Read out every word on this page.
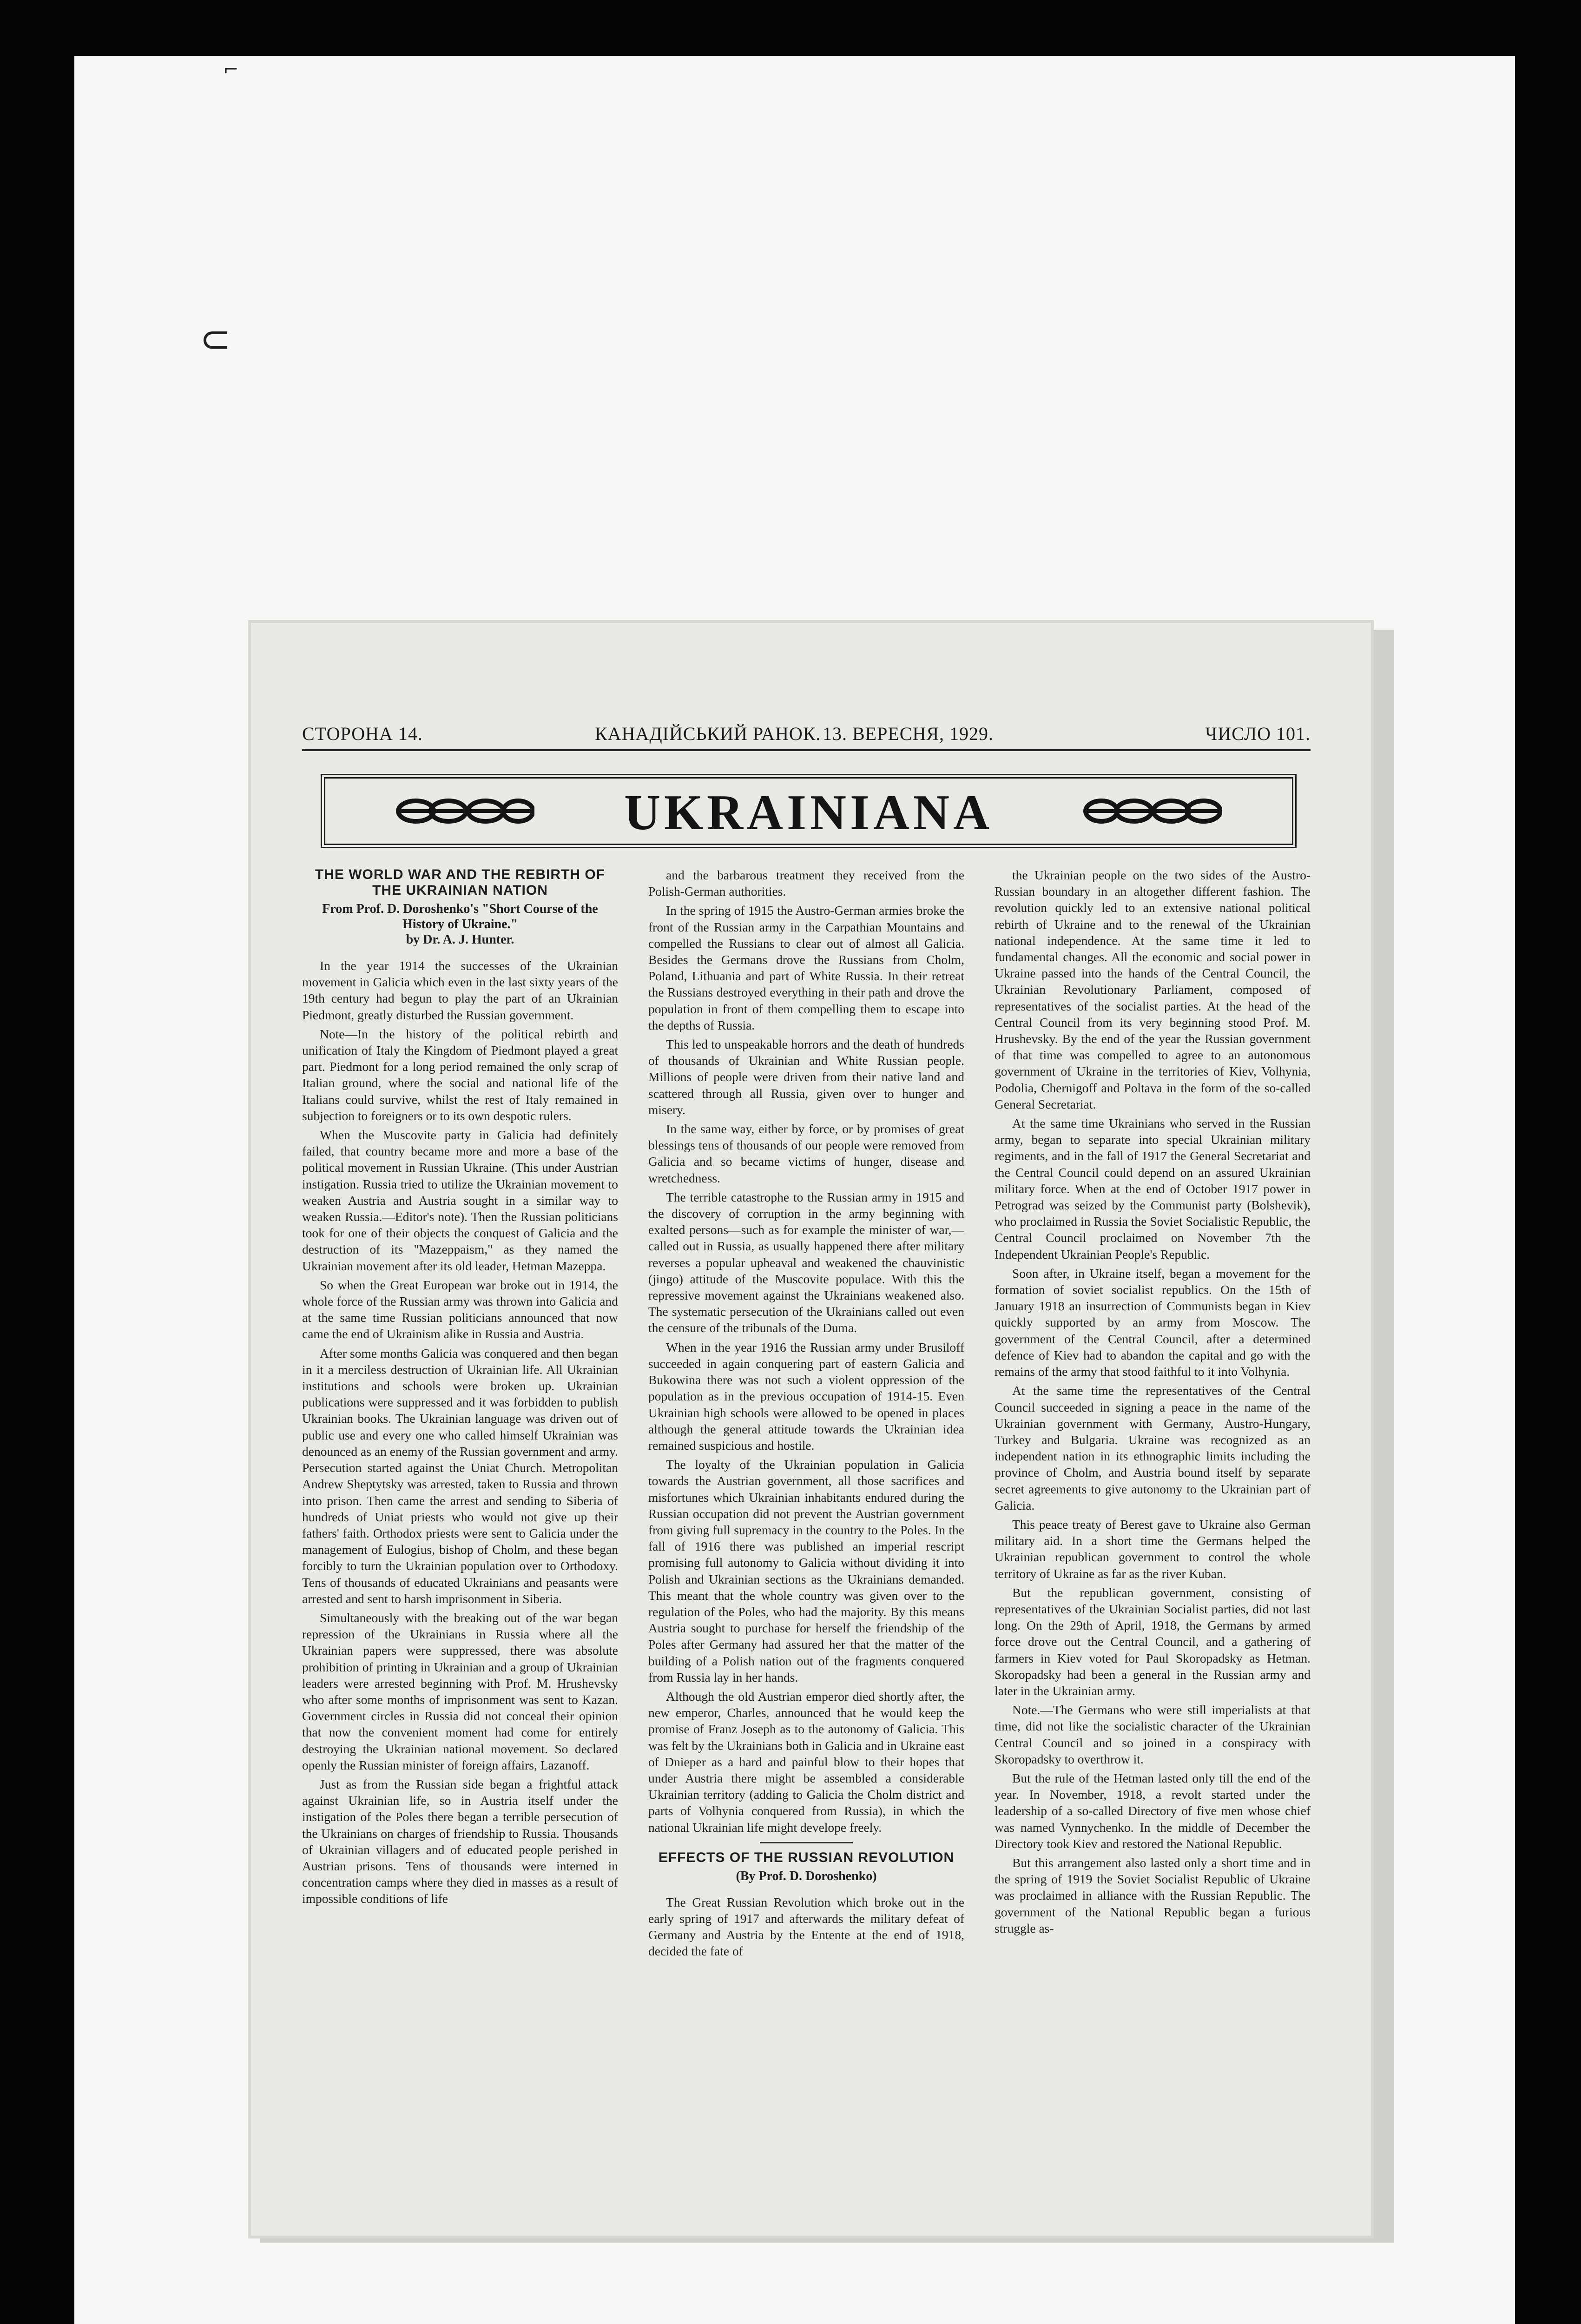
⌐
⊂
СТОРОНА 14.	КАНАДІЙСЬКИЙ РАНОК. 13. ВЕРЕСНЯ, 1929.	ЧИСЛО 101.
UKRAINIANA
THE WORLD WAR AND THE REBIRTH OF THE UKRAINIAN NATION

From Prof. D. Doroshenko's "Short Course of the History of Ukraine."

by Dr. A. J. Hunter.

In the year 1914 the successes of the Ukrainian movement in Galicia which even in the last sixty years of the 19th century had begun to play the part of an Ukrainian Piedmont, greatly disturbed the Russian government.

Note—In the history of the political rebirth and unification of Italy the Kingdom of Piedmont played a great part. Piedmont for a long period remained the only scrap of Italian ground, where the social and national life of the Italians could survive, whilst the rest of Italy remained in subjection to foreigners or to its own despotic rulers.

When the Muscovite party in Galicia had definitely failed, that country became more and more a base of the political movement in Russian Ukraine. (This under Austrian instigation. Russia tried to utilize the Ukrainian movement to weaken Austria and Austria sought in a similar way to weaken Russia.—Editor's note). Then the Russian politicians took for one of their objects the conquest of Galicia and the destruction of its "Mazeppaism," as they named the Ukrainian movement after its old leader, Hetman Mazeppa.

So when the Great European war broke out in 1914, the whole force of the Russian army was thrown into Galicia and at the same time Russian politicians announced that now came the end of Ukrainism alike in Russia and Austria.

After some months Galicia was conquered and then began in it a merciless destruction of Ukrainian life. All Ukrainian institutions and schools were broken up. Ukrainian publications were suppressed and it was forbidden to publish Ukrainian books. The Ukrainian language was driven out of public use and every one who called himself Ukrainian was denounced as an enemy of the Russian government and army. Persecution started against the Uniat Church. Metropolitan Andrew Sheptytsky was arrested, taken to Russia and thrown into prison. Then came the arrest and sending to Siberia of hundreds of Uniat priests who would not give up their fathers' faith. Orthodox priests were sent to Galicia under the management of Eulogius, bishop of Cholm, and these began forcibly to turn the Ukrainian population over to Orthodoxy. Tens of thousands of educated Ukrainians and peasants were arrested and sent to harsh imprisonment in Siberia.

Simultaneously with the breaking out of the war began repression of the Ukrainians in Russia where all the Ukrainian papers were suppressed, there was absolute prohibition of printing in Ukrainian and a group of Ukrainian leaders were arrested beginning with Prof. M. Hrushevsky who after some months of imprisonment was sent to Kazan. Government circles in Russia did not conceal their opinion that now the convenient moment had come for entirely destroying the Ukrainian national movement. So declared openly the Russian minister of foreign affairs, Lazanoff.

Just as from the Russian side began a frightful attack against Ukrainian life, so in Austria itself under the instigation of the Poles there began a terrible persecution of the Ukrainians on charges of friendship to Russia. Thousands of Ukrainian villagers and of educated people perished in Austrian prisons. Tens of thousands were interned in concentration camps where they died in masses as a result of impossible conditions of life

and the barbarous treatment they received from the Polish-German authorities.

In the spring of 1915 the Austro-German armies broke the front of the Russian army in the Carpathian Mountains and compelled the Russians to clear out of almost all Galicia. Besides the Germans drove the Russians from Cholm, Poland, Lithuania and part of White Russia. In their retreat the Russians destroyed everything in their path and drove the population in front of them compelling them to escape into the depths of Russia.

This led to unspeakable horrors and the death of hundreds of thousands of Ukrainian and White Russian people. Millions of people were driven from their native land and scattered through all Russia, given over to hunger and misery.

In the same way, either by force, or by promises of great blessings tens of thousands of our people were removed from Galicia and so became victims of hunger, disease and wretchedness.

The terrible catastrophe to the Russian army in 1915 and the discovery of corruption in the army beginning with exalted persons—such as for example the minister of war,—called out in Russia, as usually happened there after military reverses a popular upheaval and weakened the chauvinistic (jingo) attitude of the Muscovite populace. With this the repressive movement against the Ukrainians weakened also. The systematic persecution of the Ukrainians called out even the censure of the tribunals of the Duma.

When in the year 1916 the Russian army under Brusiloff succeeded in again conquering part of eastern Galicia and Bukowina there was not such a violent oppression of the population as in the previous occupation of 1914-15. Even Ukrainian high schools were allowed to be opened in places although the general attitude towards the Ukrainian idea remained suspicious and hostile.

The loyalty of the Ukrainian population in Galicia towards the Austrian government, all those sacrifices and misfortunes which Ukrainian inhabitants endured during the Russian occupation did not prevent the Austrian government from giving full supremacy in the country to the Poles. In the fall of 1916 there was published an imperial rescript promising full autonomy to Galicia without dividing it into Polish and Ukrainian sections as the Ukrainians demanded. This meant that the whole country was given over to the regulation of the Poles, who had the majority. By this means Austria sought to purchase for herself the friendship of the Poles after Germany had assured her that the matter of the building of a Polish nation out of the fragments conquered from Russia lay in her hands.

Although the old Austrian emperor died shortly after, the new emperor, Charles, announced that he would keep the promise of Franz Joseph as to the autonomy of Galicia. This was felt by the Ukrainians both in Galicia and in Ukraine east of Dnieper as a hard and painful blow to their hopes that under Austria there might be assembled a considerable Ukrainian territory (adding to Galicia the Cholm district and parts of Volhynia conquered from Russia), in which the national Ukrainian life might develope freely.

EFFECTS OF THE RUSSIAN REVOLUTION

(By Prof. D. Doroshenko)

The Great Russian Revolution which broke out in the early spring of 1917 and afterwards the military defeat of Germany and Austria by the Entente at the end of 1918, decided the fate of

the Ukrainian people on the two sides of the Austro-Russian boundary in an altogether different fashion. The revolution quickly led to an extensive national political rebirth of Ukraine and to the renewal of the Ukrainian national independence. At the same time it led to fundamental changes. All the economic and social power in Ukraine passed into the hands of the Central Council, the Ukrainian Revolutionary Parliament, composed of representatives of the socialist parties. At the head of the Central Council from its very beginning stood Prof. M. Hrushevsky. By the end of the year the Russian government of that time was compelled to agree to an autonomous government of Ukraine in the territories of Kiev, Volhynia, Podolia, Chernigoff and Poltava in the form of the so-called General Secretariat.

At the same time Ukrainians who served in the Russian army, began to separate into special Ukrainian military regiments, and in the fall of 1917 the General Secretariat and the Central Council could depend on an assured Ukrainian military force. When at the end of October 1917 power in Petrograd was seized by the Communist party (Bolshevik), who proclaimed in Russia the Soviet Socialistic Republic, the Central Council proclaimed on November 7th the Independent Ukrainian People's Republic.

Soon after, in Ukraine itself, began a movement for the formation of soviet socialist republics. On the 15th of January 1918 an insurrection of Communists began in Kiev quickly supported by an army from Moscow. The government of the Central Council, after a determined defence of Kiev had to abandon the capital and go with the remains of the army that stood faithful to it into Volhynia.

At the same time the representatives of the Central Council succeeded in signing a peace in the name of the Ukrainian government with Germany, Austro-Hungary, Turkey and Bulgaria. Ukraine was recognized as an independent nation in its ethnographic limits including the province of Cholm, and Austria bound itself by separate secret agreements to give autonomy to the Ukrainian part of Galicia.

This peace treaty of Berest gave to Ukraine also German military aid. In a short time the Germans helped the Ukrainian republican government to control the whole territory of Ukraine as far as the river Kuban.

But the republican government, consisting of representatives of the Ukrainian Socialist parties, did not last long. On the 29th of April, 1918, the Germans by armed force drove out the Central Council, and a gathering of farmers in Kiev voted for Paul Skoropadsky as Hetman. Skoropadsky had been a general in the Russian army and later in the Ukrainian army.

Note.—The Germans who were still imperialists at that time, did not like the socialistic character of the Ukrainian Central Council and so joined in a conspiracy with Skoropadsky to overthrow it.

But the rule of the Hetman lasted only till the end of the year. In November, 1918, a revolt started under the leadership of a so-called Directory of five men whose chief was named Vynnychenko. In the middle of December the Directory took Kiev and restored the National Republic.

But this arrangement also lasted only a short time and in the spring of 1919 the Soviet Socialist Republic of Ukraine was proclaimed in alliance with the Russian Republic. The government of the National Republic began a furious struggle as-
